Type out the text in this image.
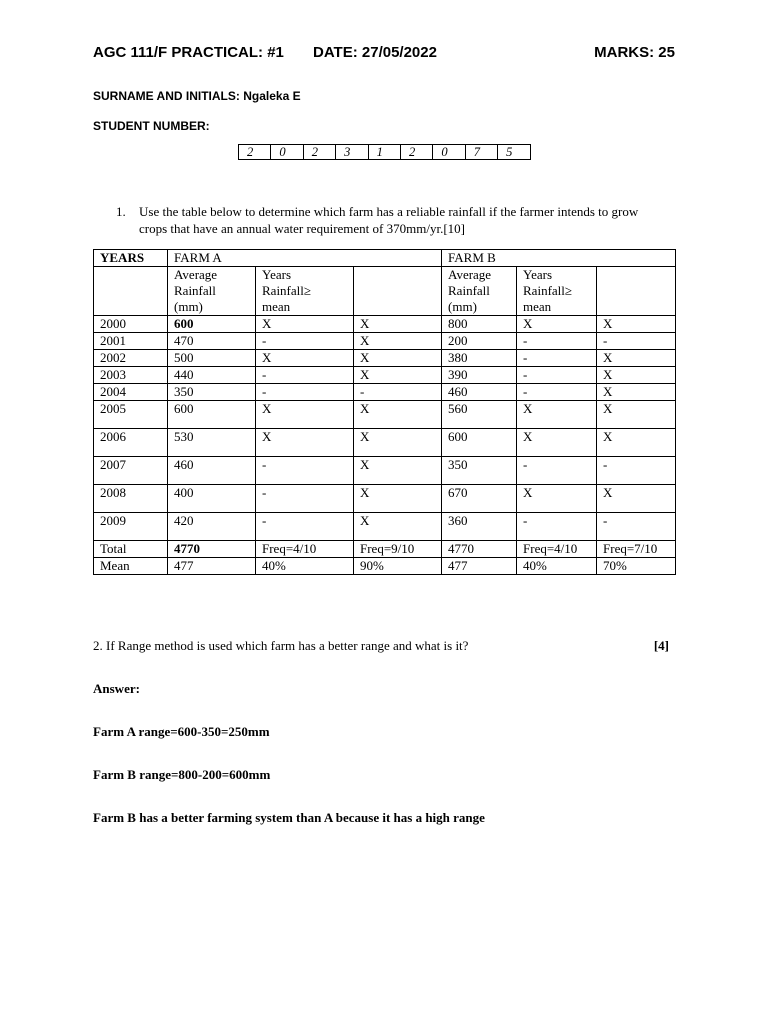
AGC 111/F PRACTICAL: #1 DATE: 27/05/2022	MARKS: 25
SURNAME AND INITIALS: Ngaleka E
STUDENT NUMBER:
2	0	2	3	1	2	0	7	5
1. Use the table below to determine which farm has a reliable rainfall if the farmer intends to grow crops that have an annual water requirement of 370mm/yr.[10]
YEARS	FARM A			FARM B		

	Average Rainfall (mm)	Years Rainfall≥ mean		Average Rainfall (mm)	Years Rainfall≥ mean	

2000	600	X	X	800	X	X
2001	470	-	X	200	-	-
2002	500	X	X	380	-	X
2003	440	-	X	390	-	X
2004	350	-	-	460	-	X
2005	600	X	X	560	X	X
2006	530	X	X	600	X	X
2007	460	-	X	350	-	-
2008	400	-	X	670	X	X
2009	420	-	X	360	-	-
Total	4770	Freq=4/10	Freq=9/10	4770	Freq=4/10	Freq=7/10
Mean	477	40%	90%	477	40%	70%
2. If Range method is used which farm has a better range and what is it?	[4]
Answer:
Farm A range=600-350=250mm
Farm B range=800-200=600mm
Farm B has a better farming system than A because it has a high range
